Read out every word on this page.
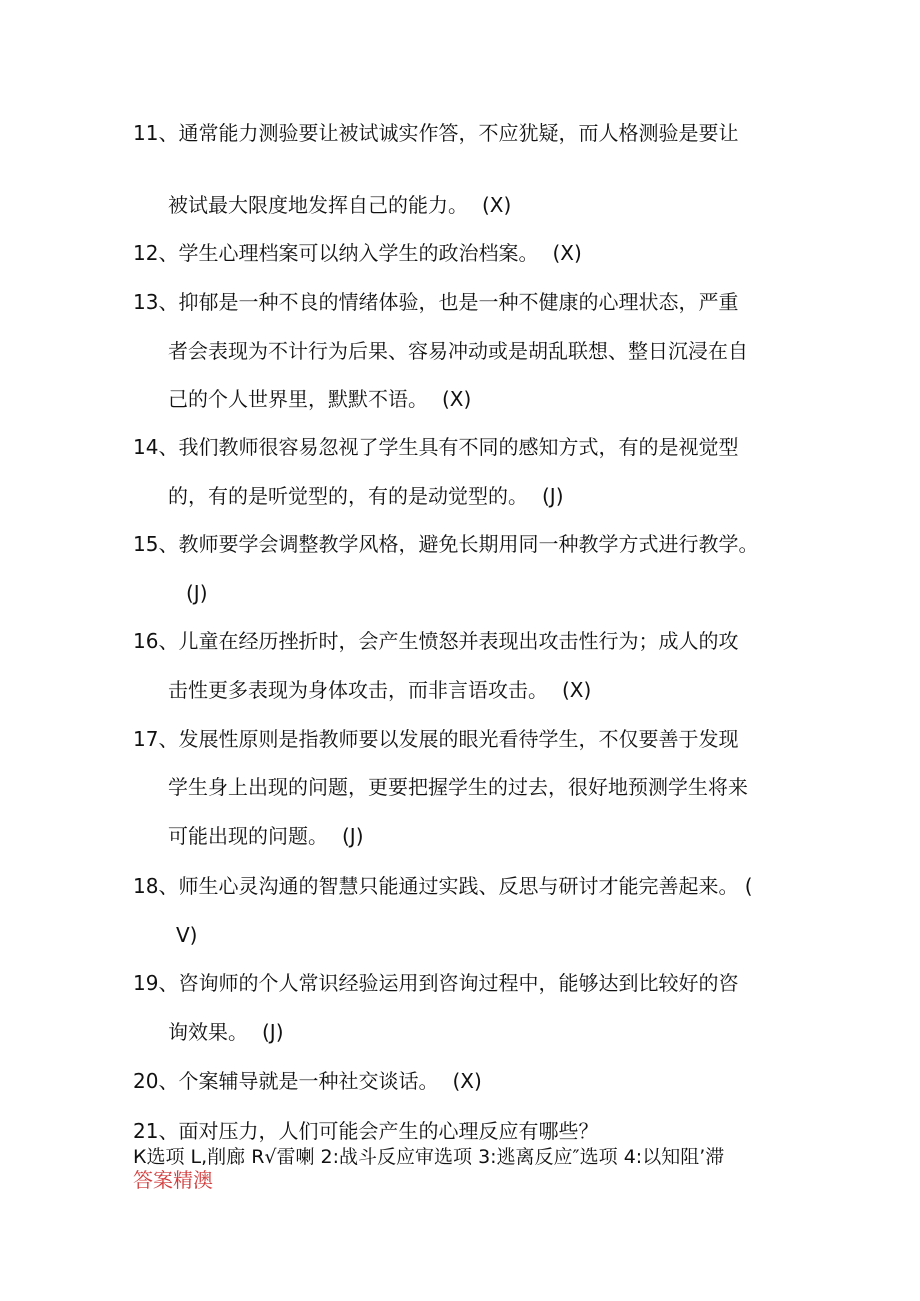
11、通常能力测验要让被试诚实作答，不应犹疑，而人格测验是要让
被试最大限度地发挥自己的能力。 (X)
12、学生心理档案可以纳入学生的政治档案。 (X)
13、抑郁是一种不良的情绪体验，也是一种不健康的心理状态，严重
者会表现为不计行为后果、容易冲动或是胡乱联想、整日沉浸在自
己的个人世界里，默默不语。 (X)
14、我们教师很容易忽视了学生具有不同的感知方式，有的是视觉型
的，有的是听觉型的，有的是动觉型的。 (J)
15、教师要学会调整教学风格，避免长期用同一种教学方式进行教学。
(J)
16、儿童在经历挫折时，会产生愤怒并表现出攻击性行为；成人的攻
击性更多表现为身体攻击，而非言语攻击。 (X)
17、发展性原则是指教师要以发展的眼光看待学生，不仅要善于发现
学生身上出现的问题，更要把握学生的过去，很好地预测学生将来
可能出现的问题。 (J)
18、师生心灵沟通的智慧只能通过实践、反思与研讨才能完善起来。 (
V)
19、咨询师的个人常识经验运用到咨询过程中，能够达到比较好的咨
询效果。 (J)
20、个案辅导就是一种社交谈话。 (X)
21、面对压力，人们可能会产生的心理反应有哪些？
К选项 L,削廊 R√雷喇 2:战斗反应审选项 3:逃离反应″选项 4:以知阻’滞
答案精澳
